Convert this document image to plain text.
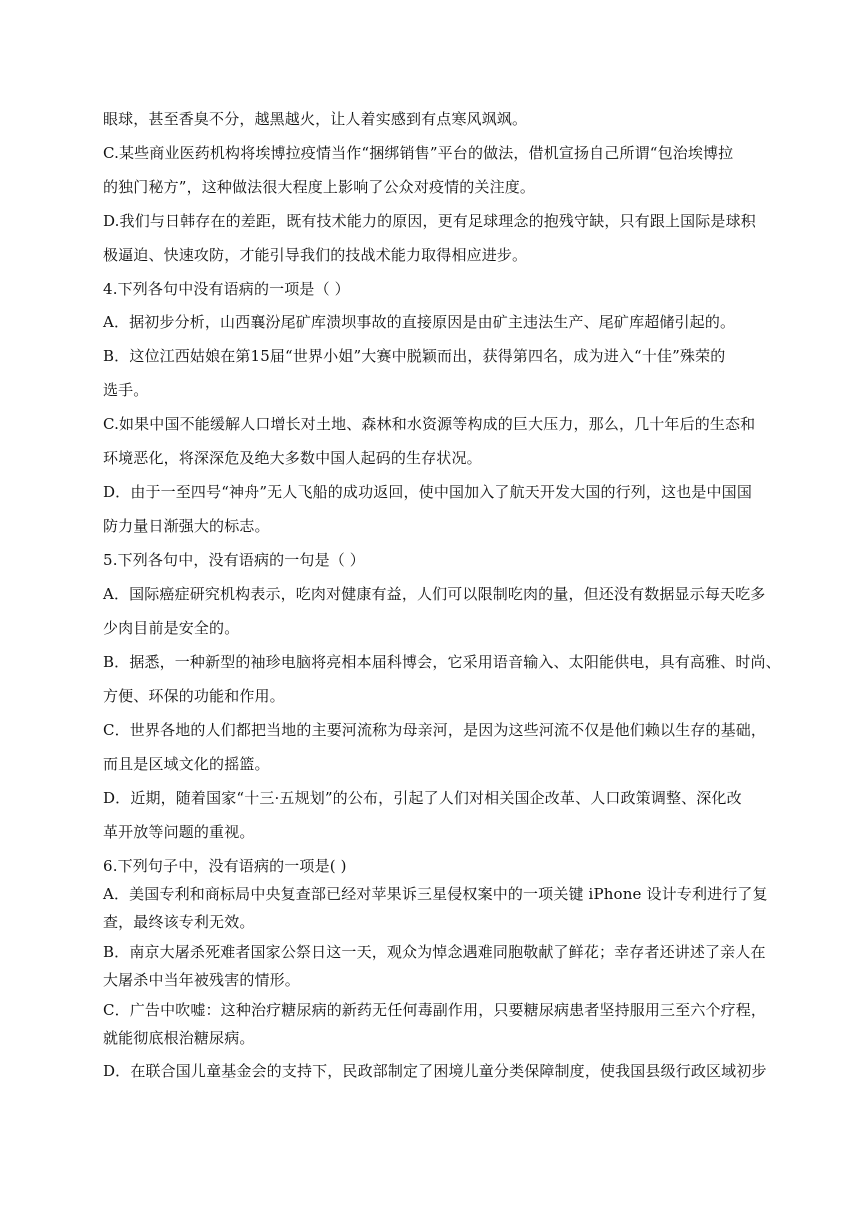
眼球，甚至香臭不分，越黑越火，让人着实感到有点寒风飒飒。
C.某些商业医药机构将埃博拉疫情当作“捆绑销售”平台的做法，借机宣扬自己所谓“包治埃博拉
的独门秘方”，这种做法很大程度上影响了公众对疫情的关注度。
D.我们与日韩存在的差距，既有技术能力的原因，更有足球理念的抱残守缺，只有跟上国际是球积
极逼迫、快速攻防，才能引导我们的技战术能力取得相应进步。
4.下列各句中没有语病的一项是（ ）
A．据初步分析，山西襄汾尾矿库溃坝事故的直接原因是由矿主违法生产、尾矿库超储引起的。
B．这位江西姑娘在第15届“世界小姐”大赛中脱颖而出，获得第四名，成为进入“十佳”殊荣的
选手。
C.如果中国不能缓解人口增长对土地、森林和水资源等构成的巨大压力，那么，几十年后的生态和
环境恶化，将深深危及绝大多数中国人起码的生存状况。
D．由于一至四号“神舟”无人飞船的成功返回，使中国加入了航天开发大国的行列，这也是中国国
防力量日渐强大的标志。
5.下列各句中，没有语病的一句是（ ）
A．国际癌症研究机构表示，吃肉对健康有益，人们可以限制吃肉的量，但还没有数据显示每天吃多
少肉目前是安全的。
B．据悉，一种新型的袖珍电脑将亮相本届科博会，它采用语音输入、太阳能供电，具有高雅、时尚、
方便、环保的功能和作用。
C．世界各地的人们都把当地的主要河流称为母亲河，是因为这些河流不仅是他们赖以生存的基础，
而且是区域文化的摇篮。
D．近期，随着国家“十三·五规划”的公布，引起了人们对相关国企改革、人口政策调整、深化改
革开放等问题的重视。
6.下列句子中，没有语病的一项是( )
A．美国专利和商标局中央复查部已经对苹果诉三星侵权案中的一项关键 iPhone 设计专利进行了复
查，最终该专利无效。
B．南京大屠杀死难者国家公祭日这一天，观众为悼念遇难同胞敬献了鲜花；幸存者还讲述了亲人在
大屠杀中当年被残害的情形。
C．广告中吹嘘：这种治疗糖尿病的新药无任何毒副作用，只要糖尿病患者坚持服用三至六个疗程，
就能彻底根治糖尿病。
D．在联合国儿童基金会的支持下，民政部制定了困境儿童分类保障制度，使我国县级行政区域初步
